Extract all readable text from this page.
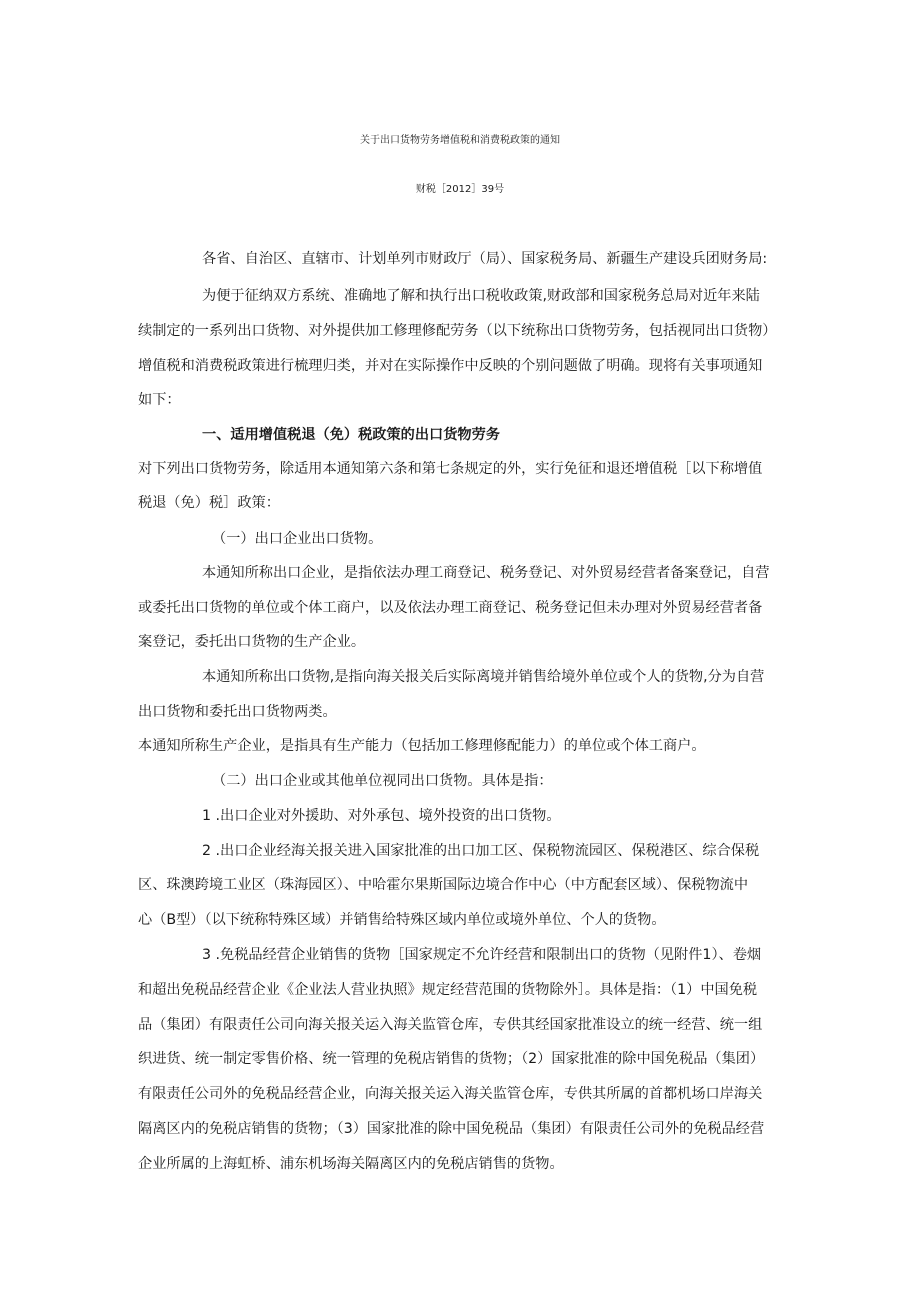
关于出口货物劳务增值税和消费税政策的通知
财税［2012］39号
各省、自治区、直辖市、计划单列市财政厅（局）、国家税务局、新疆生产建设兵团财务局:
为便于征纳双方系统、准确地了解和执行出口税收政策,财政部和国家税务总局对近年来陆
续制定的一系列出口货物、对外提供加工修理修配劳务（以下统称出口货物劳务，包括视同出口货物）
增值税和消费税政策进行梳理归类，并对在实际操作中反映的个别问题做了明确。现将有关事项通知
如下：
一、适用增值税退（免）税政策的出口货物劳务
对下列出口货物劳务，除适用本通知第六条和第七条规定的外，实行免征和退还增值税［以下称增值
税退（免）税］政策：
（一）出口企业出口货物。
本通知所称出口企业，是指依法办理工商登记、税务登记、对外贸易经营者备案登记，自营
或委托出口货物的单位或个体工商户，以及依法办理工商登记、税务登记但未办理对外贸易经营者备
案登记，委托出口货物的生产企业。
本通知所称出口货物,是指向海关报关后实际离境并销售给境外单位或个人的货物,分为自营
出口货物和委托出口货物两类。
本通知所称生产企业，是指具有生产能力（包括加工修理修配能力）的单位或个体工商户。
（二）出口企业或其他单位视同出口货物。具体是指：
1 .出口企业对外援助、对外承包、境外投资的出口货物。
2 .出口企业经海关报关进入国家批准的出口加工区、保税物流园区、保税港区、综合保税
区、珠澳跨境工业区（珠海园区）、中哈霍尔果斯国际边境合作中心（中方配套区域）、保税物流中
心（B型）（以下统称特殊区域）并销售给特殊区域内单位或境外单位、个人的货物。
3 .免税品经营企业销售的货物［国家规定不允许经营和限制出口的货物（见附件1）、卷烟
和超出免税品经营企业《企业法人营业执照》规定经营范围的货物除外］。具体是指：（1）中国免税
品（集团）有限责任公司向海关报关运入海关监管仓库，专供其经国家批准设立的统一经营、统一组
织进货、统一制定零售价格、统一管理的免税店销售的货物；（2）国家批准的除中国免税品（集团）
有限责任公司外的免税品经营企业，向海关报关运入海关监管仓库，专供其所属的首都机场口岸海关
隔离区内的免税店销售的货物；（3）国家批准的除中国免税品（集团）有限责任公司外的免税品经营
企业所属的上海虹桥、浦东机场海关隔离区内的免税店销售的货物。
